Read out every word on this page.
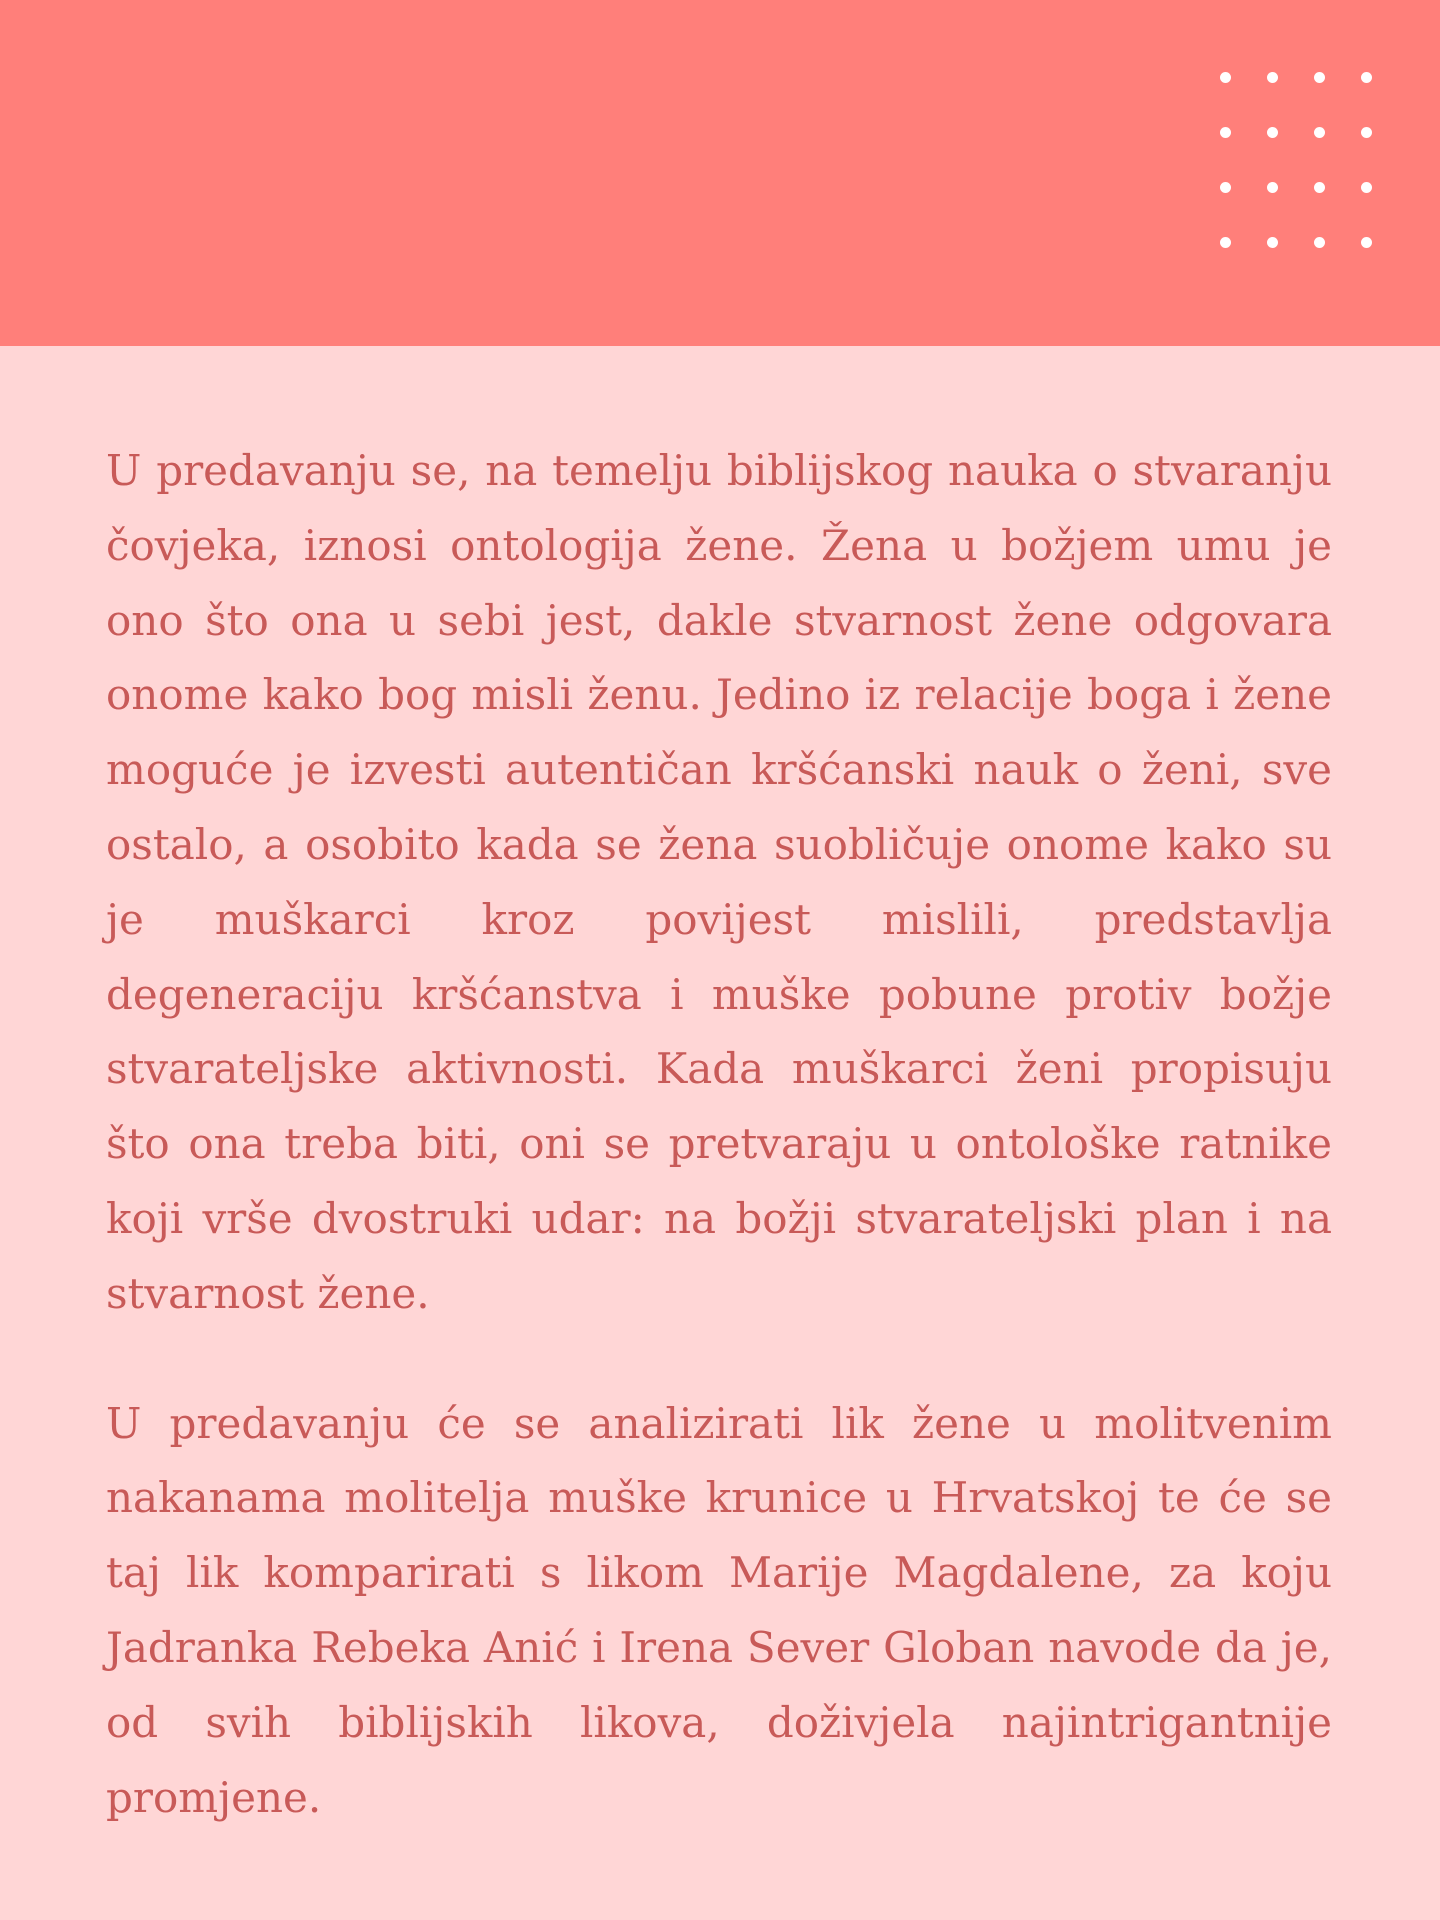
U predavanju se, na temelju biblijskog nauka o stvaranju čovjeka, iznosi ontologija žene. Žena u božjem umu je ono što ona u sebi jest, dakle stvarnost žene odgovara onome kako bog misli ženu. Jedino iz relacije boga i žene moguće je izvesti autentičan kršćanski nauk o ženi, sve ostalo, a osobito kada se žena suobličuje onome kako su je muškarci kroz povijest mislili, predstavlja degeneraciju kršćanstva i muške pobune protiv božje stvarateljske aktivnosti. Kada muškarci ženi propisuju što ona treba biti, oni se pretvaraju u ontološke ratnike koji vrše dvostruki udar: na božji stvarateljski plan i na stvarnost žene.

U predavanju će se analizirati lik žene u molitvenim nakanama molitelja muške krunice u Hrvatskoj te će se taj lik komparirati s likom Marije Magdalene, za koju Jadranka Rebeka Anić i Irena Sever Globan navode da je, od svih biblijskih likova, doživjela najintrigantnije promjene.
